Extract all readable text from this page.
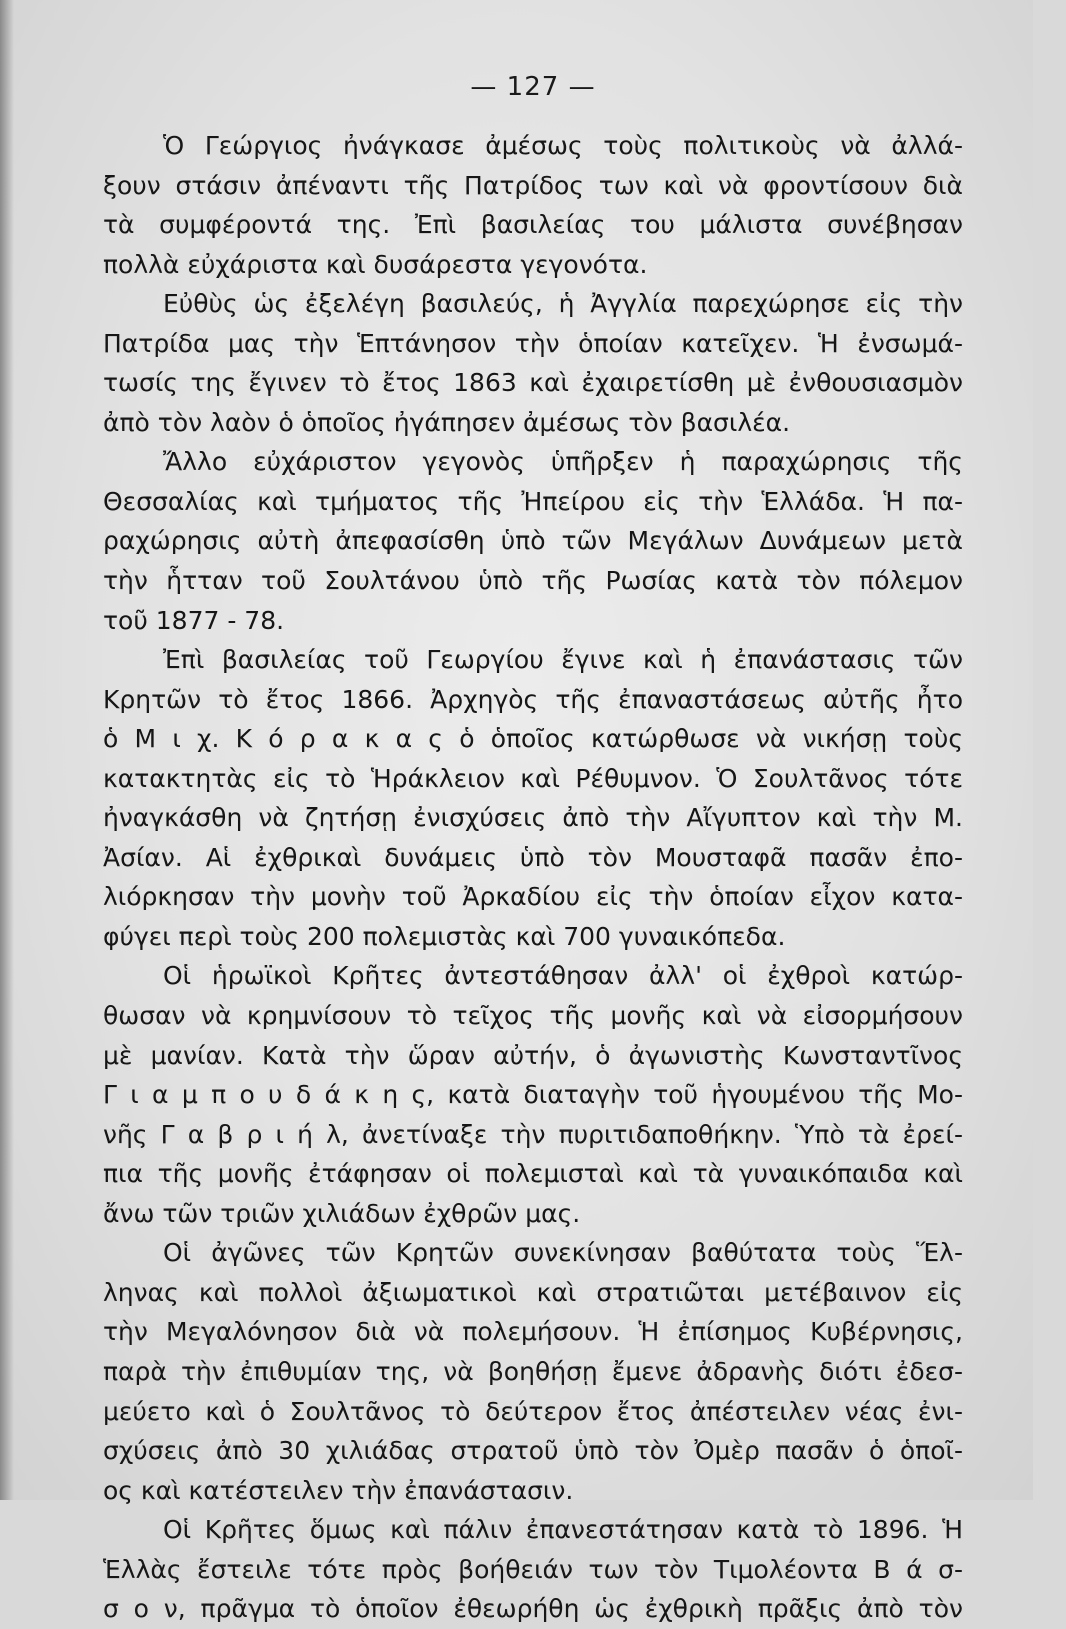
— 127 —
Ὁ Γεώργιος ἠνάγκασε ἀμέσως τοὺς πολιτικοὺς νὰ ἀλλά-
ξουν στάσιν ἀπέναντι τῆς Πατρίδος των καὶ νὰ φροντίσουν διὰ
τὰ συμφέροντά της. Ἐπὶ βασιλείας του μάλιστα συνέβησαν
πολλὰ εὐχάριστα καὶ δυσάρεστα γεγονότα.
Εὐθὺς ὡς ἐξελέγη βασιλεύς, ἡ Ἀγγλία παρεχώρησε εἰς τὴν
Πατρίδα μας τὴν Ἑπτάνησον τὴν ὁποίαν κατεῖχεν. Ἡ ἐνσωμά-
τωσίς της ἔγινεν τὸ ἔτος 1863 καὶ ἐχαιρετίσθη μὲ ἐνθουσιασμὸν
ἀπὸ τὸν λαὸν ὁ ὁποῖος ἠγάπησεν ἀμέσως τὸν βασιλέα.
Ἄλλο εὐχάριστον γεγονὸς ὑπῆρξεν ἡ παραχώρησις τῆς
Θεσσαλίας καὶ τμήματος τῆς Ἠπείρου εἰς τὴν Ἑλλάδα. Ἡ πα-
ραχώρησις αὐτὴ ἀπεφασίσθη ὑπὸ τῶν Μεγάλων Δυνάμεων μετὰ
τὴν ἧτταν τοῦ Σουλτάνου ὑπὸ τῆς Ρωσίας κατὰ τὸν πόλεμον
τοῦ 1877 - 78.
Ἐπὶ βασιλείας τοῦ Γεωργίου ἔγινε καὶ ἡ ἐπανάστασις τῶν
Κρητῶν τὸ ἔτος 1866. Ἀρχηγὸς τῆς ἐπαναστάσεως αὐτῆς ἦτο
ὁ Μ ι χ. Κ ό ρ α κ α ς ὁ ὁποῖος κατώρθωσε νὰ νικήσῃ τοὺς
κατακτητὰς εἰς τὸ Ἡράκλειον καὶ Ρέθυμνον. Ὁ Σουλτᾶνος τότε
ἠναγκάσθη νὰ ζητήσῃ ἐνισχύσεις ἀπὸ τὴν Αἴγυπτον καὶ τὴν Μ.
Ἀσίαν. Αἱ ἐχθρικαὶ δυνάμεις ὑπὸ τὸν Μουσταφᾶ πασᾶν ἐπο-
λιόρκησαν τὴν μονὴν τοῦ Ἀρκαδίου εἰς τὴν ὁποίαν εἶχον κατα-
φύγει περὶ τοὺς 200 πολεμιστὰς καὶ 700 γυναικόπεδα.
Οἱ ἡρωϊκοὶ Κρῆτες ἀντεστάθησαν ἀλλ' οἱ ἐχθροὶ κατώρ-
θωσαν νὰ κρημνίσουν τὸ τεῖχος τῆς μονῆς καὶ νὰ εἰσορμήσουν
μὲ μανίαν. Κατὰ τὴν ὥραν αὐτήν, ὁ ἀγωνιστὴς Κωνσταντῖνος
Γ ι α μ π ο υ δ ά κ η ς, κατὰ διαταγὴν τοῦ ἡγουμένου τῆς Μο-
νῆς Γ α β ρ ι ή λ, ἀνετίναξε τὴν πυριτιδαποθήκην. Ὑπὸ τὰ ἐρεί-
πια τῆς μονῆς ἐτάφησαν οἱ πολεμισταὶ καὶ τὰ γυναικόπαιδα καὶ
ἄνω τῶν τριῶν χιλιάδων ἐχθρῶν μας.
Οἱ ἀγῶνες τῶν Κρητῶν συνεκίνησαν βαθύτατα τοὺς Ἕλ-
ληνας καὶ πολλοὶ ἀξιωματικοὶ καὶ στρατιῶται μετέβαινον εἰς
τὴν Μεγαλόνησον διὰ νὰ πολεμήσουν. Ἡ ἐπίσημος Κυβέρνησις,
παρὰ τὴν ἐπιθυμίαν της, νὰ βοηθήσῃ ἔμενε ἀδρανὴς διότι ἐδεσ-
μεύετο καὶ ὁ Σουλτᾶνος τὸ δεύτερον ἔτος ἀπέστειλεν νέας ἐνι-
σχύσεις ἀπὸ 30 χιλιάδας στρατοῦ ὑπὸ τὸν Ὀμὲρ πασᾶν ὁ ὁποῖ-
ος καὶ κατέστειλεν τὴν ἐπανάστασιν.
Οἱ Κρῆτες ὅμως καὶ πάλιν ἐπανεστάτησαν κατὰ τὸ 1896. Ἡ
Ἑλλὰς ἔστειλε τότε πρὸς βοήθειάν των τὸν Τιμολέοντα Β ά σ-
σ ο ν, πρᾶγμα τὸ ὁποῖον ἐθεωρήθη ὡς ἐχθρικὴ πρᾶξις ἀπὸ τὸν
